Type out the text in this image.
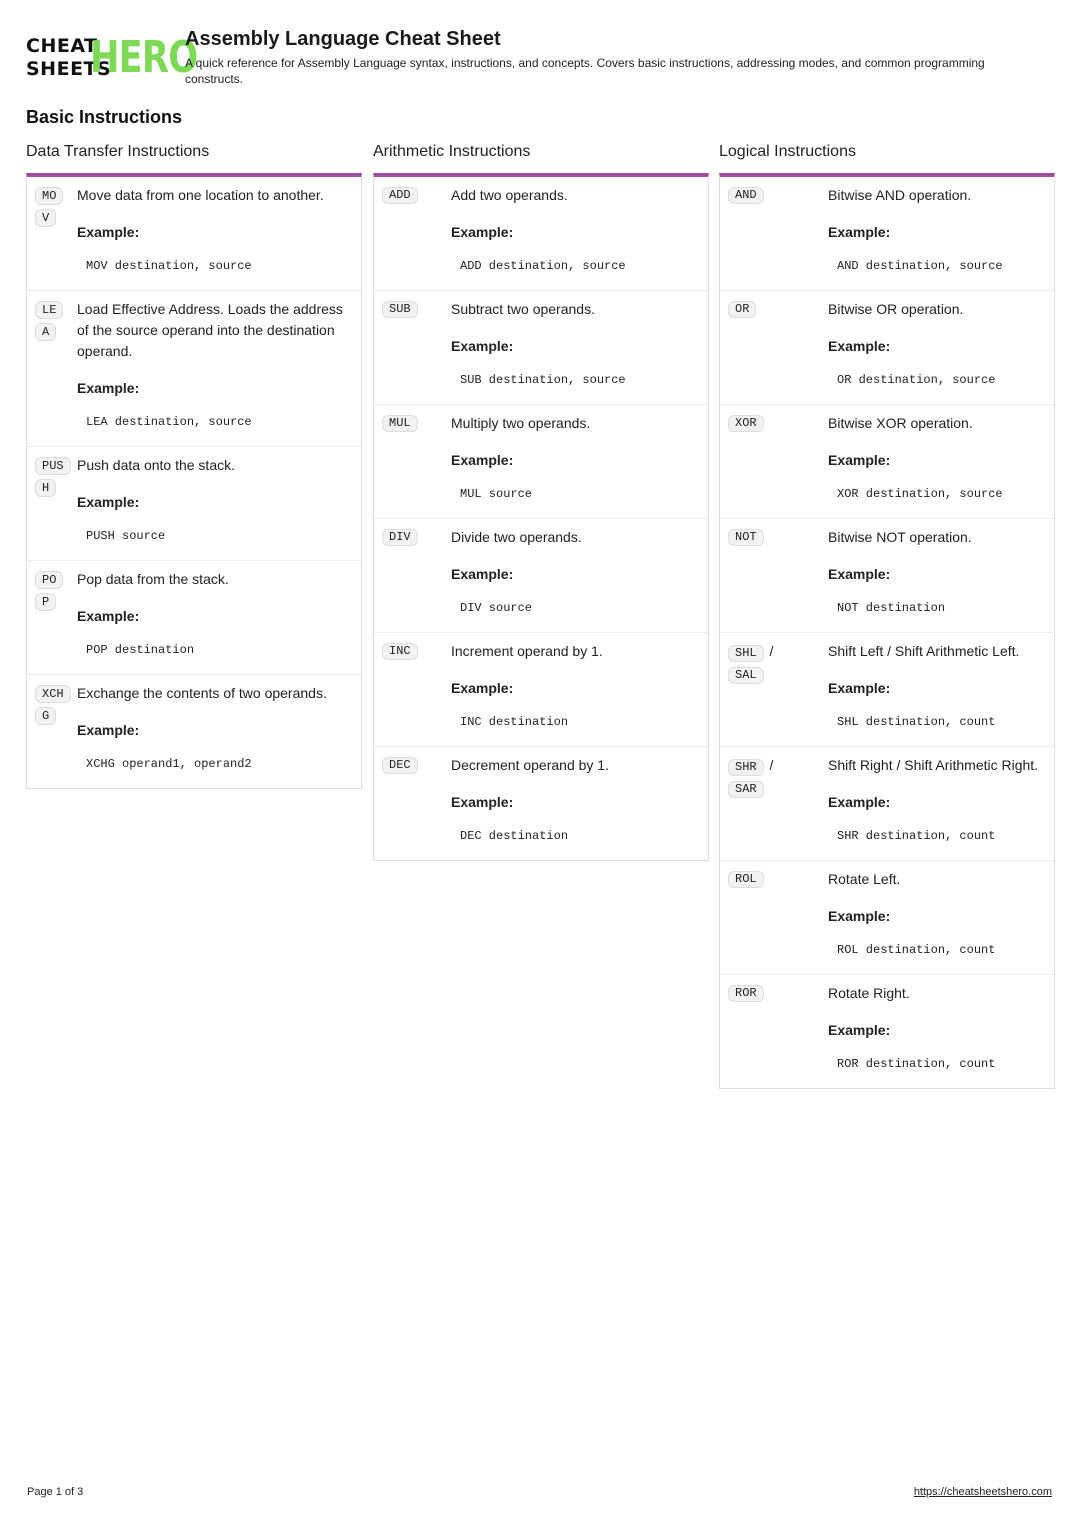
CHEAT
SHEETS
HERO
Assembly Language Cheat Sheet

A quick reference for Assembly Language syntax, instructions, and concepts. Covers basic instructions, addressing modes, and common programming constructs.

Basic Instructions
Data Transfer Instructions
MOV
Move data from one location to another.
Example:
MOV destination, source
LEA
Load Effective Address. Loads the address of the source operand into the destination operand.
Example:
LEA destination, source
PUSH
Push data onto the stack.
Example:
PUSH source
POP
Pop data from the stack.
Example:
POP destination
XCHG
Exchange the contents of two operands.
Example:
XCHG operand1, operand2
Arithmetic Instructions
ADD	Add two operands.
Example:
ADD destination, source
SUB	Subtract two operands.
Example:
SUB destination, source
MUL	Multiply two operands.
Example:
MUL source
DIV	Divide two operands.
Example:
DIV source
INC	Increment operand by 1.
Example:
INC destination
DEC	Decrement operand by 1.
Example:
DEC destination
Logical Instructions
AND	Bitwise AND operation.
Example:
AND destination, source
OR	Bitwise OR operation.
Example:
OR destination, source
XOR	Bitwise XOR operation.
Example:
XOR destination, source
NOT	Bitwise NOT operation.
Example:
NOT destination
SHL /
SAL
Shift Left / Shift Arithmetic Left.
Example:
SHL destination, count
SHR /
SAR
Shift Right / Shift Arithmetic Right.
Example:
SHR destination, count
ROL	Rotate Left.
Example:
ROL destination, count
ROR	Rotate Right.
Example:
ROR destination, count
Page 1 of 3	https://cheatsheetshero.com
